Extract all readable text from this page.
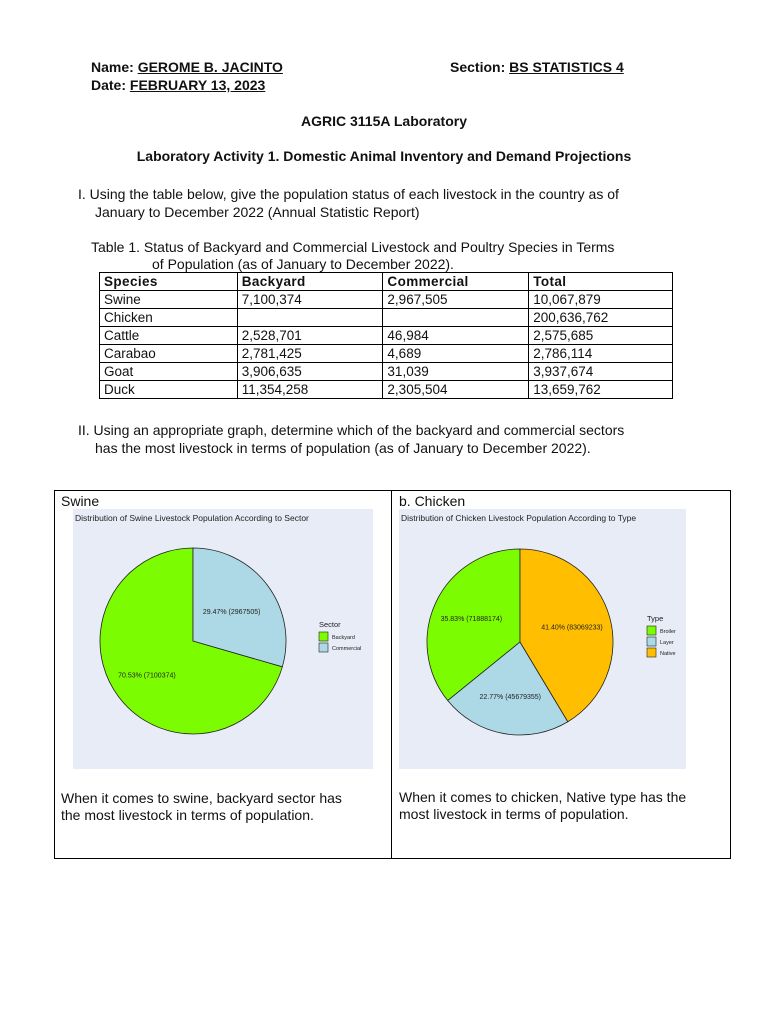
Name: GEROME B. JACINTO	Section: BS STATISTICS 4
Date: FEBRUARY 13, 2023
AGRIC 3115A Laboratory
Laboratory Activity 1. Domestic Animal Inventory and Demand Projections
I. Using the table below, give the population status of each livestock in the country as of
January to December 2022 (Annual Statistic Report)
Table 1. Status of Backyard and Commercial Livestock and Poultry Species in Terms
of Population (as of January to December 2022).
Species	Backyard	Commercial	Total
Swine	7,100,374	2,967,505	10,067,879
Chicken			200,636,762
Cattle	2,528,701	46,984	2,575,685
Carabao	2,781,425	4,689	2,786,114
Goat	3,906,635	31,039	3,937,674
Duck	11,354,258	2,305,504	13,659,762
II. Using an appropriate graph, determine which of the backyard and commercial sectors
has the most livestock in terms of population (as of January to December 2022).
Swine	b. Chicken
Distribution of Swine Livestock Population According to Sector
70.53% (7100374)
29.47% (2967505)
Sector
Backyard
Commercial
Distribution of Chicken Livestock Population According to Type
35.83% (71888174)
22.77% (45679355)
41.40% (83069233)
Type
Broiler
Layer
Native
When it comes to swine, backyard sector has
the most livestock in terms of population.
When it comes to chicken, Native type has the
most livestock in terms of population.
